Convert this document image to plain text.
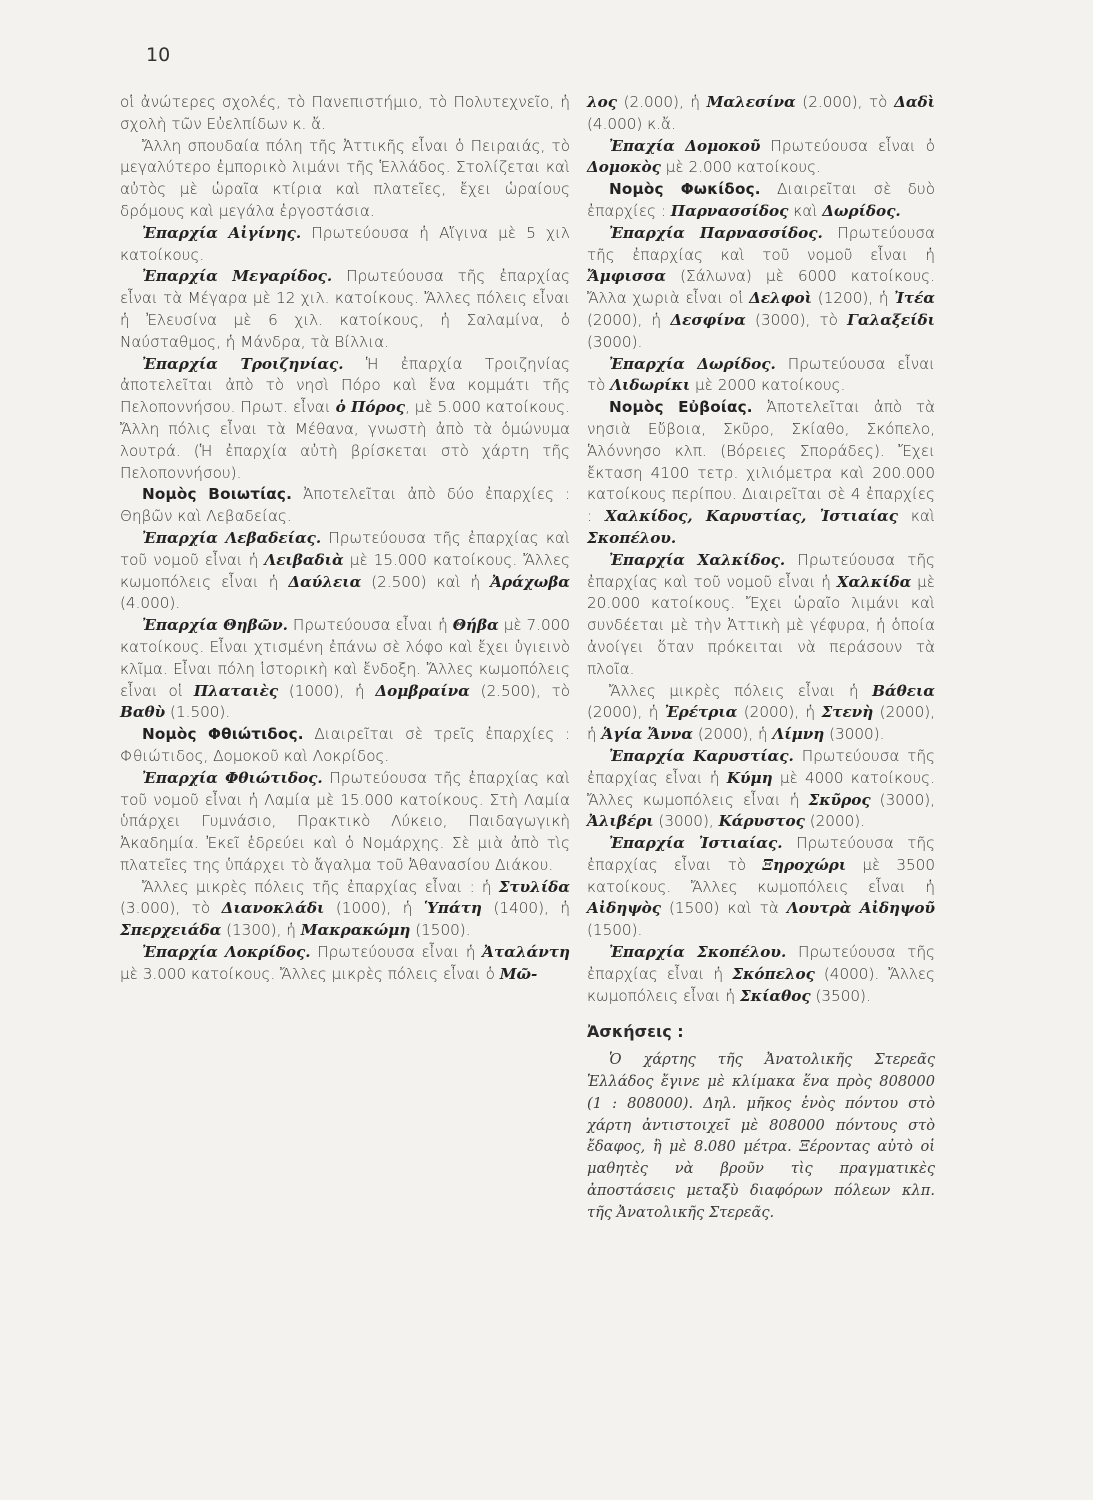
10

οἱ ἀνώτερες σχολές, τὸ Πανεπιστήμιο, τὸ Πολυτεχνεῖο, ἡ σχολὴ τῶν Εὐελπίδων κ. ἄ.

Ἄλλη σπουδαία πόλη τῆς Ἀττικῆς εἶναι ὁ Πειραιάς, τὸ μεγαλύτερο ἐμπορικὸ λιμάνι τῆς Ἑλλάδος. Στολίζεται καὶ αὐτὸς μὲ ὡραῖα κτίρια καὶ πλατεῖες, ἔχει ὡραίους δρόμους καὶ μεγάλα ἐργοστάσια.

Ἐπαρχία Αἰγίνης. Πρωτεύουσα ἡ Αἴγινα μὲ 5 χιλ κατοίκους.

Ἐπαρχία Μεγαρίδος. Πρωτεύουσα τῆς ἐπαρχίας εἶναι τὰ Μέγαρα μὲ 12 χιλ. κατοίκους. Ἄλλες πόλεις εἶναι ἡ Ἐλευσίνα μὲ 6 χιλ. κατοίκους, ἡ Σαλαμίνα, ὁ Ναύσταθμος, ἡ Μάνδρα, τὰ Βίλλια.

Ἐπαρχία Τροιζηνίας. Ἡ ἐπαρχία Τροιζηνίας ἀποτελεῖται ἀπὸ τὸ νησὶ Πόρο καὶ ἕνα κομμάτι τῆς Πελοποννήσου. Πρωτ. εἶναι ὁ Πόρος, μὲ 5.000 κατοίκους. Ἄλλη πόλις εἶναι τὰ Μέθανα, γνωστὴ ἀπὸ τὰ ὁμώνυμα λουτρά. (Ἡ ἐπαρχία αὐτὴ βρίσκεται στὸ χάρτη τῆς Πελοποννήσου).

Νομὸς Βοιωτίας. Ἀποτελεῖται ἀπὸ δύο ἐπαρχίες : Θηβῶν καὶ Λεβαδείας.

Ἐπαρχία Λεβαδείας. Πρωτεύουσα τῆς ἐπαρχίας καὶ τοῦ νομοῦ εἶναι ἡ Λειβαδιὰ μὲ 15.000 κατοίκους. Ἄλλες κωμοπόλεις εἶναι ἡ Δαύλεια (2.500) καὶ ἡ Ἀράχωβα (4.000).

Ἐπαρχία Θηβῶν. Πρωτεύουσα εἶναι ἡ Θήβα μὲ 7.000 κατοίκους. Εἶναι χτισμένη ἐπάνω σὲ λόφο καὶ ἔχει ὑγιεινὸ κλῖμα. Εἶναι πόλη ἱστορικὴ καὶ ἔνδοξη. Ἄλλες κωμοπόλεις εἶναι οἱ Πλαταιὲς (1000), ἡ Δομβραίνα (2.500), τὸ Βαθὺ (1.500).

Νομὸς Φθιώτιδος. Διαιρεῖται σὲ τρεῖς ἐπαρχίες : Φθιώτιδος, Δομοκοῦ καὶ Λοκρίδος.

Ἐπαρχία Φθιώτιδος. Πρωτεύουσα τῆς ἐπαρχίας καὶ τοῦ νομοῦ εἶναι ἡ Λαμία μὲ 15.000 κατοίκους. Στὴ Λαμία ὑπάρχει Γυμνάσιο, Πρακτικὸ Λύκειο, Παιδαγωγικὴ Ἀκαδημία. Ἐκεῖ ἑδρεύει καὶ ὁ Νομάρχης. Σὲ μιὰ ἀπὸ τὶς πλατεῖες της ὑπάρχει τὸ ἄγαλμα τοῦ Ἀθανασίου Διάκου.

Ἄλλες μικρὲς πόλεις τῆς ἐπαρχίας εἶναι : ἡ Στυλίδα (3.000), τὸ Διανοκλάδι (1000), ἡ Ὑπάτη (1400), ἡ Σπερχειάδα (1300), ἡ Μακρακώμη (1500).

Ἐπαρχία Λοκρίδος. Πρωτεύουσα εἶναι ἡ Ἀταλάντη μὲ 3.000 κατοίκους. Ἄλλες μικρὲς πόλεις εἶναι ὁ Μῶ-

λος (2.000), ἡ Μαλεσίνα (2.000), τὸ Δαδὶ (4.000) κ.ἄ.

Ἐπαχία Δομοκοῦ Πρωτεύουσα εἶναι ὁ Δομοκὸς μὲ 2.000 κατοίκους.

Νομὸς Φωκίδος. Διαιρεῖται σὲ δυὸ ἐπαρχίες : Παρνασσίδος καὶ Δωρίδος.

Ἐπαρχία Παρνασσίδος. Πρωτεύουσα τῆς ἐπαρχίας καὶ τοῦ νομοῦ εἶναι ἡ Ἄμφισσα (Σάλωνα) μὲ 6000 κατοίκους. Ἄλλα χωριὰ εἶναι οἱ Δελφοὶ (1200), ἡ Ἰτέα (2000), ἡ Δεσφίνα (3000), τὸ Γαλαξείδι (3000).

Ἐπαρχία Δωρίδος. Πρωτεύουσα εἶναι τὸ Λιδωρίκι μὲ 2000 κατοίκους.

Νομὸς Εὐβοίας. Ἀποτελεῖται ἀπὸ τὰ νησιὰ Εὔβοια, Σκῦρο, Σκίαθο, Σκόπελο, Ἁλόννησο κλπ. (Βόρειες Σποράδες). Ἔχει ἔκταση 4100 τετρ. χιλιόμετρα καὶ 200.000 κατοίκους περίπου. Διαιρεῖται σὲ 4 ἐπαρχίες : Χαλκίδος, Καρυστίας, Ἰστιαίας καὶ Σκοπέλου.

Ἐπαρχία Χαλκίδος. Πρωτεύουσα τῆς ἐπαρχίας καὶ τοῦ νομοῦ εἶναι ἡ Χαλκίδα μὲ 20.000 κατοίκους. Ἔχει ὡραῖο λιμάνι καὶ συνδέεται μὲ τὴν Ἀττικὴ μὲ γέφυρα, ἡ ὁποία ἀνοίγει ὅταν πρόκειται νὰ περάσουν τὰ πλοῖα.

Ἄλλες μικρὲς πόλεις εἶναι ἡ Βάθεια (2000), ἡ Ἐρέτρια (2000), ἡ Στενὴ (2000), ἡ Ἁγία Ἄννα (2000), ἡ Λίμνη (3000).

Ἐπαρχία Καρυστίας. Πρωτεύουσα τῆς ἐπαρχίας εἶναι ἡ Κύμη μὲ 4000 κατοίκους. Ἄλλες κωμοπόλεις εἶναι ἡ Σκῦρος (3000), Ἀλιβέρι (3000), Κάρυστος (2000).

Ἐπαρχία Ἰστιαίας. Πρωτεύουσα τῆς ἐπαρχίας εἶναι τὸ Ξηροχώρι μὲ 3500 κατοίκους. Ἄλλες κωμοπόλεις εἶναι ἡ Αἰδηψὸς (1500) καὶ τὰ Λουτρὰ Αἰδηψοῦ (1500).

Ἐπαρχία Σκοπέλου. Πρωτεύουσα τῆς ἐπαρχίας εἶναι ἡ Σκόπελος (4000). Ἄλλες κωμοπόλεις εἶναι ἡ Σκίαθος (3500).

Ἀσκήσεις :

Ὁ χάρτης τῆς Ἀνατολικῆς Στερεᾶς Ἑλλάδος ἔγινε μὲ κλίμακα ἕνα πρὸς 808000 (1 : 808000). Δηλ. μῆκος ἑνὸς πόντου στὸ χάρτη ἀντιστοιχεῖ μὲ 808000 πόντους στὸ ἔδαφος, ἢ μὲ 8.080 μέτρα. Ξέροντας αὐτὸ οἱ μαθητὲς νὰ βροῦν τὶς πραγματικὲς ἀποστάσεις μεταξὺ διαφόρων πόλεων κλπ. τῆς Ἀνατολικῆς Στερεᾶς.
